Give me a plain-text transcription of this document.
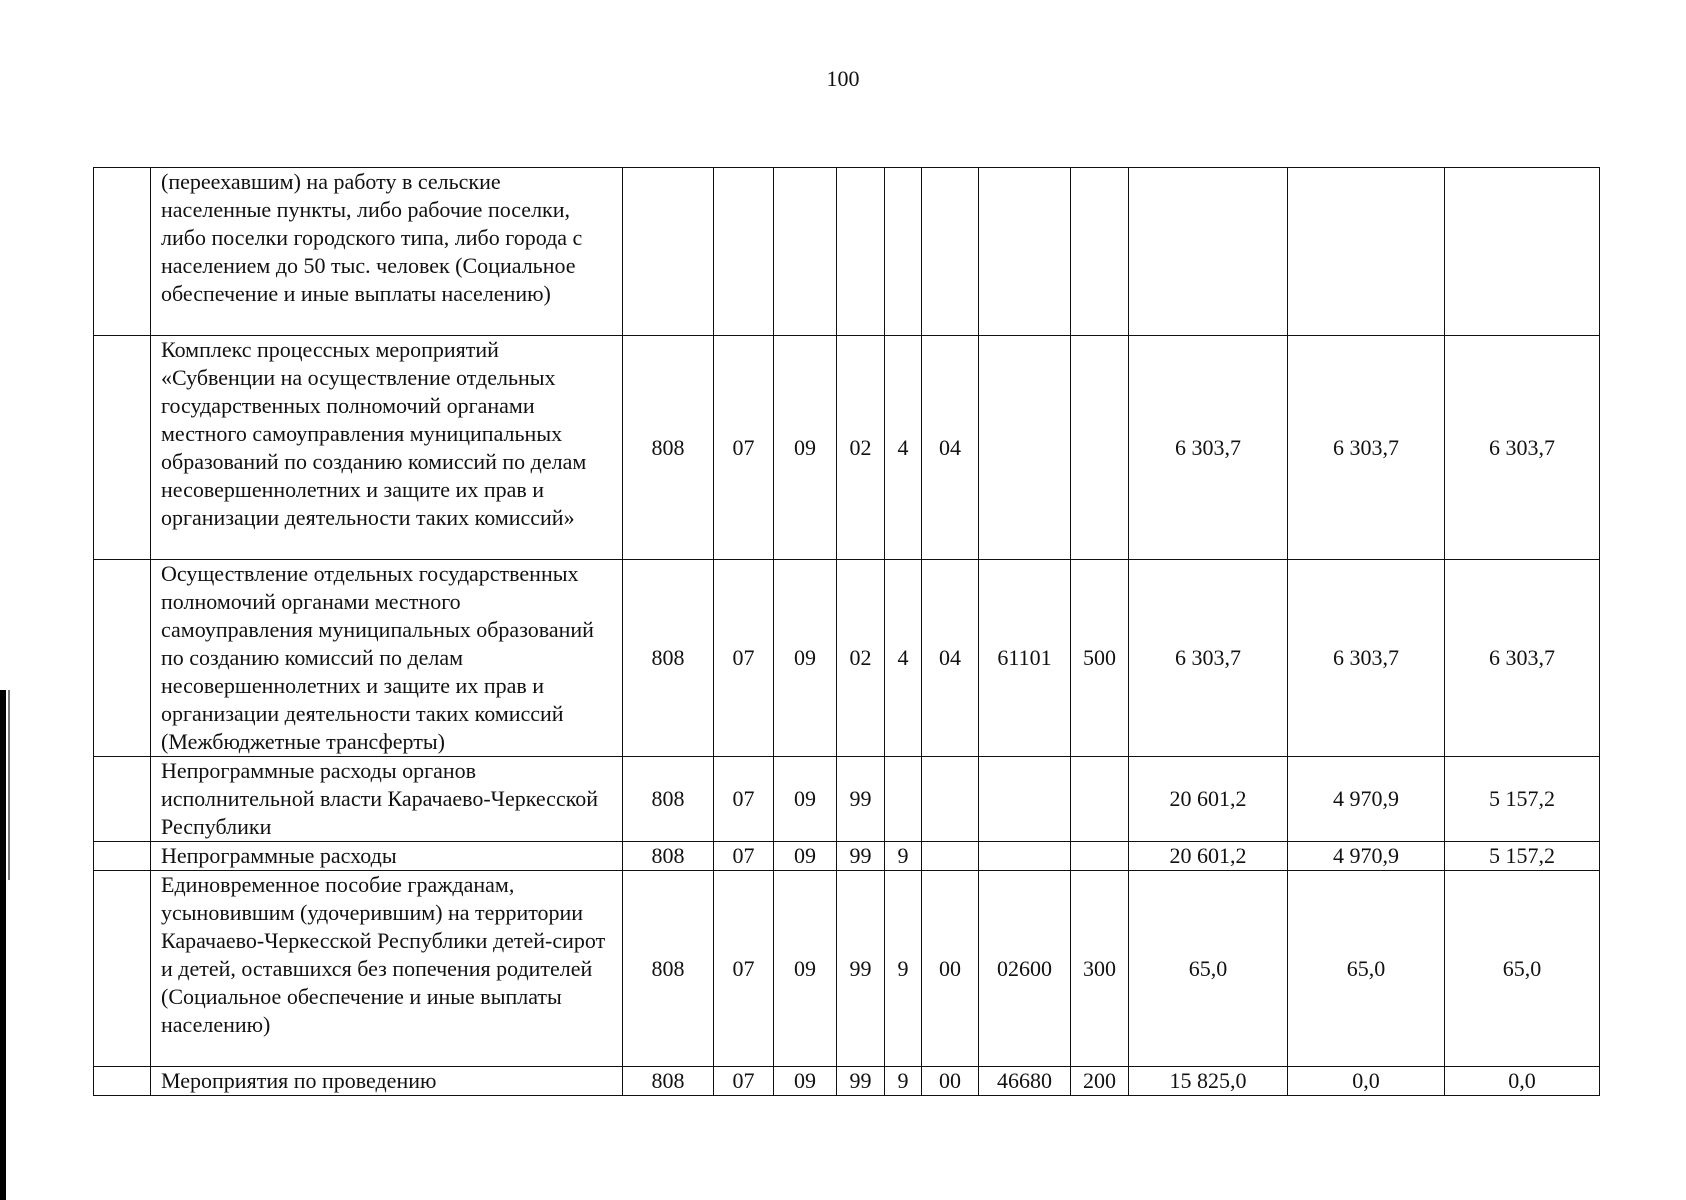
100
	(переехавшим) на работу в сельские населенные пункты, либо рабочие поселки, либо поселки городского типа, либо города с населением до 50 тыс. человек (Социальное обеспечение и иные выплаты населению)											
	Комплекс процессных мероприятий «Субвенции на осуществление отдельных государственных полномочий органами местного самоуправления муниципальных образований по созданию комиссий по делам несовершеннолетних и защите их прав и организации деятельности таких комиссий»	808	07	09	02	4	04			6 303,7	6 303,7	6 303,7
	Осуществление отдельных государственных полномочий органами местного самоуправления муниципальных образований по созданию комиссий по делам несовершеннолетних и защите их прав и организации деятельности таких комиссий (Межбюджетные трансферты)	808	07	09	02	4	04	61101	500	6 303,7	6 303,7	6 303,7
	Непрограммные расходы органов исполнительной власти Карачаево-Черкесской Республики	808	07	09	99					20 601,2	4 970,9	5 157,2
	Непрограммные расходы	808	07	09	99	9				20 601,2	4 970,9	5 157,2
	Единовременное пособие гражданам, усыновившим (удочерившим) на территории Карачаево-Черкесской Республики детей-сирот и детей, оставшихся без попечения родителей (Социальное обеспечение и иные выплаты населению)	808	07	09	99	9	00	02600	300	65,0	65,0	65,0
	Мероприятия по проведению	808	07	09	99	9	00	46680	200	15 825,0	0,0	0,0
